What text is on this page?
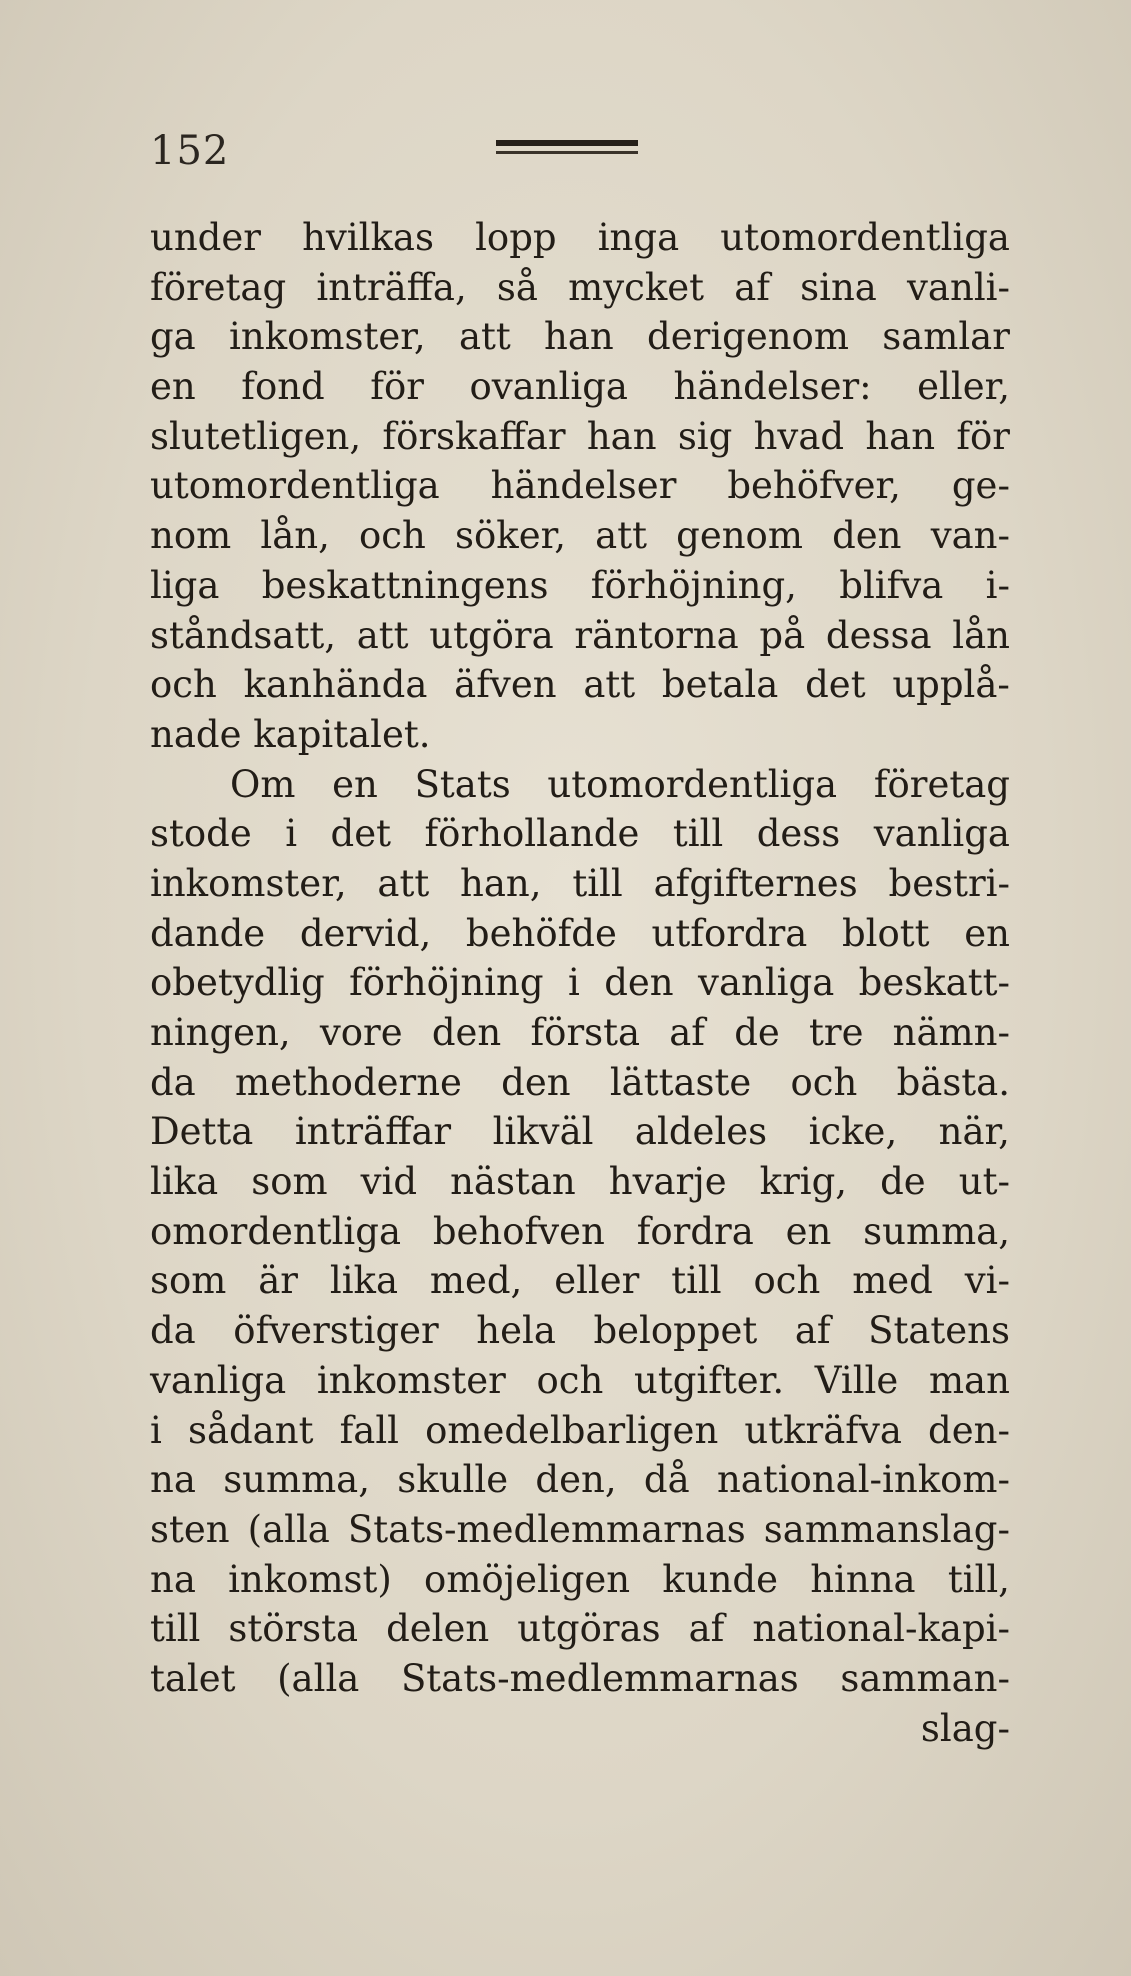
152
under hvilkas lopp inga utomordentliga
företag inträffa, så mycket af sina vanli-
ga inkomster, att han derigenom samlar
en fond för ovanliga händelser: eller,
slutetligen, förskaffar han sig hvad han för
utomordentliga händelser behöfver, ge-
nom lån, och söker, att genom den van-
liga beskattningens förhöjning, blifva i-
ståndsatt, att utgöra räntorna på dessa lån
och kanhända äfven att betala det upplå-
nade kapitalet.
Om en Stats utomordentliga företag
stode i det förhollande till dess vanliga
inkomster, att han, till afgifternes bestri-
dande dervid, behöfde utfordra blott en
obetydlig förhöjning i den vanliga beskatt-
ningen, vore den första af de tre nämn-
da methoderne den lättaste och bästa.
Detta inträffar likväl aldeles icke, när,
lika som vid nästan hvarje krig, de ut-
omordentliga behofven fordra en summa,
som är lika med, eller till och med vi-
da öfverstiger hela beloppet af Statens
vanliga inkomster och utgifter. Ville man
i sådant fall omedelbarligen utkräfva den-
na summa, skulle den, då national-inkom-
sten (alla Stats-medlemmarnas sammanslag-
na inkomst) omöjeligen kunde hinna till,
till största delen utgöras af national-kapi-
talet (alla Stats-medlemmarnas samman-
slag-
